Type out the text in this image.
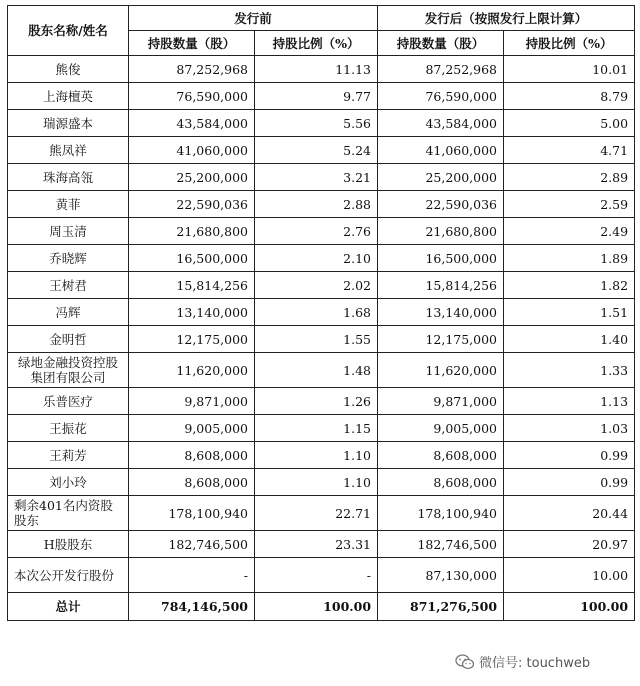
股东名称/姓名	发行前		发行后（按照发行上限计算）	
	持股数量（股）	持股比例（%）	持股数量（股）	持股比例（%）
熊俊	87,252,968	11.13	87,252,968	10.01
上海檀英	76,590,000	9.77	76,590,000	8.79
瑞源盛本	43,584,000	5.56	43,584,000	5.00
熊凤祥	41,060,000	5.24	41,060,000	4.71
珠海高瓴	25,200,000	3.21	25,200,000	2.89
黄菲	22,590,036	2.88	22,590,036	2.59
周玉清	21,680,800	2.76	21,680,800	2.49
乔晓辉	16,500,000	2.10	16,500,000	1.89
王树君	15,814,256	2.02	15,814,256	1.82
冯辉	13,140,000	1.68	13,140,000	1.51
金明哲	12,175,000	1.55	12,175,000	1.40
绿地金融投资控股集团有限公司	11,620,000	1.48	11,620,000	1.33
乐普医疗	9,871,000	1.26	9,871,000	1.13
王振花	9,005,000	1.15	9,005,000	1.03
王莉芳	8,608,000	1.10	8,608,000	0.99
刘小玲	8,608,000	1.10	8,608,000	0.99
剩余401名内资股股东	178,100,940	22.71	178,100,940	20.44
H股股东	182,746,500	23.31	182,746,500	20.97
本次公开发行股份	-	-	87,130,000	10.00
总计	784,146,500	100.00	871,276,500	100.00
微信号: touchweb
